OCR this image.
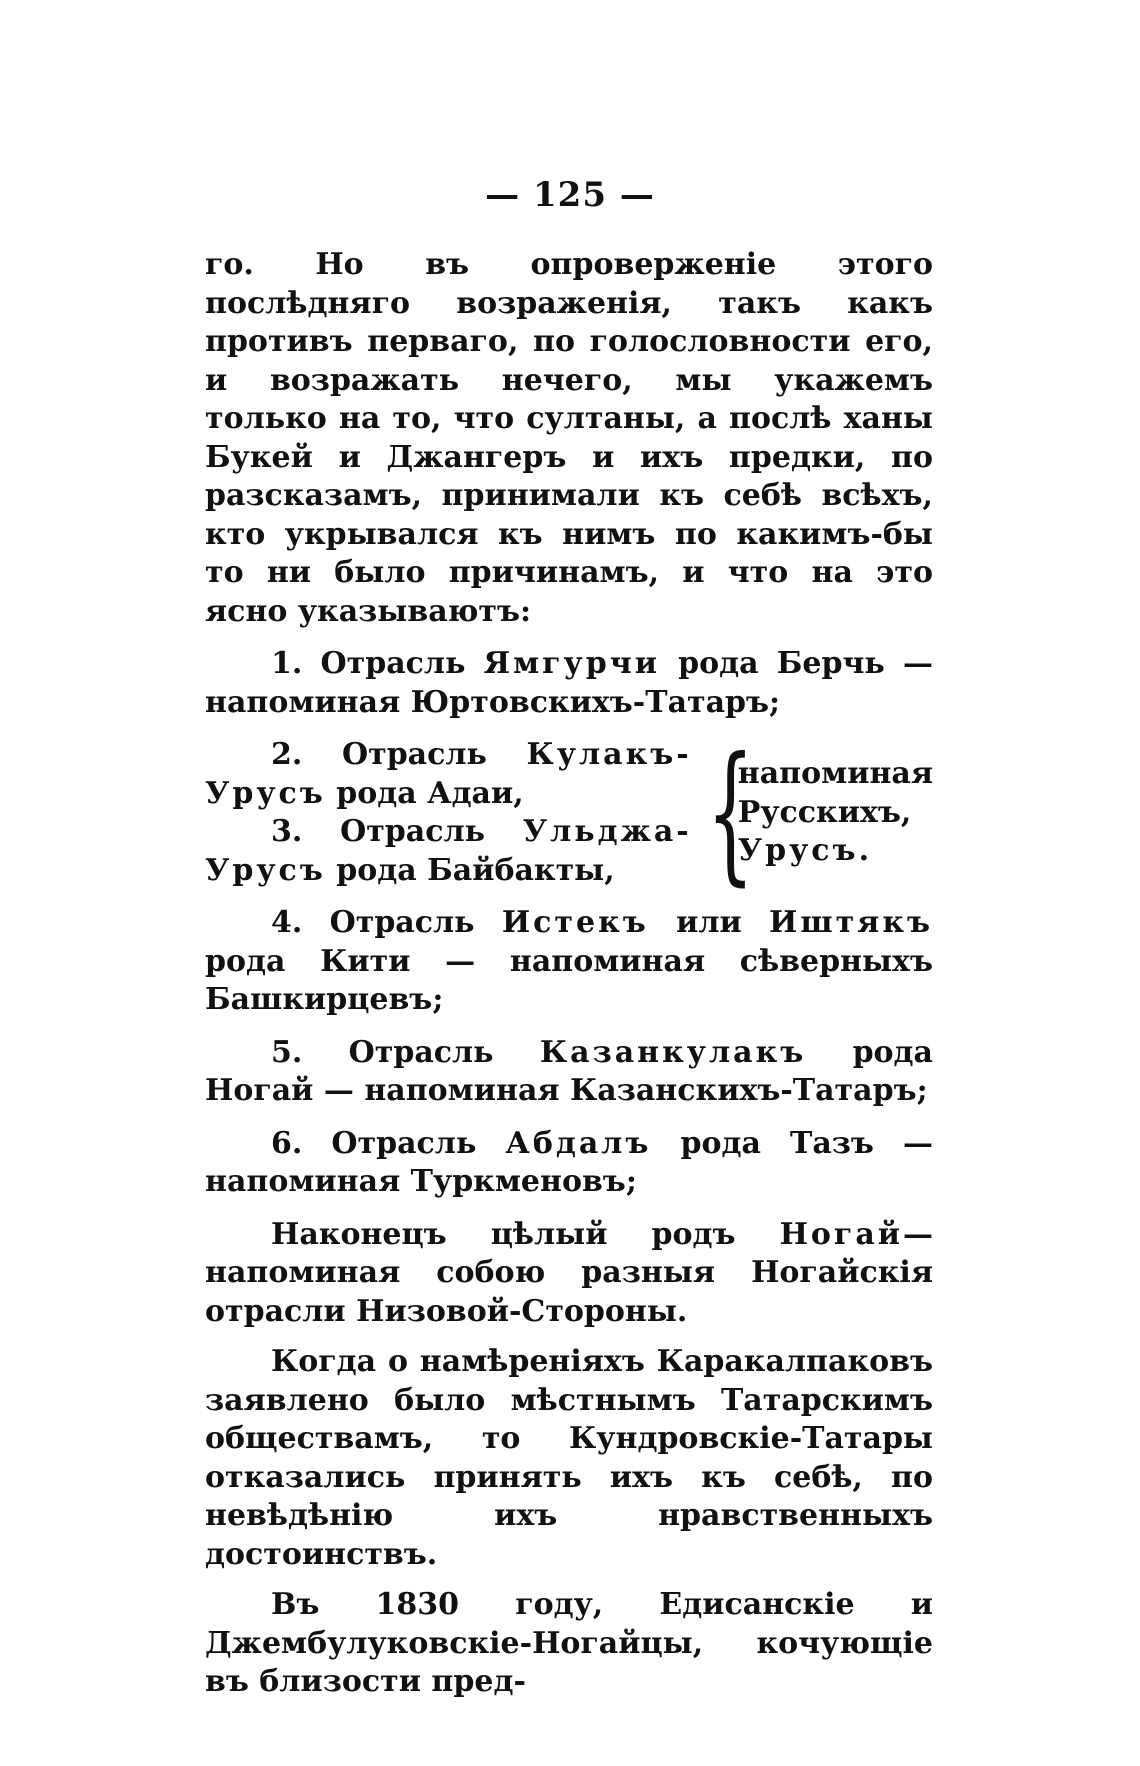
— 125 —

го. Но въ опроверженіе этого послѣдняго возраженія, такъ какъ противъ перваго, по голословности его, и возражать нечего, мы укажемъ только на то, что султаны, а послѣ ханы Букей и Джангеръ и ихъ предки, по разсказамъ, принимали къ себѣ всѣхъ, кто укрывался къ нимъ по какимъ-бы то ни было причинамъ, и что на это ясно указываютъ:

1. Отрасль Ямгурчи рода Берчь — напоминая Юртовскихъ-Татаръ;

2. Отрасль Кулакъ-Урусъ рода Адаи,

3. Отрасль Ульджа-Урусъ рода Байбакты, {
напоминая
Русскихъ,
Урусъ.

4. Отрасль Истекъ или Иштякъ рода Кити — напоминая сѣверныхъ Башкирцевъ;

5. Отрасль Казанкулакъ рода Ногай — напоминая Казанскихъ-Татаръ;

6. Отрасль Абдалъ рода Тазъ — напоминая Туркменовъ;

Наконецъ цѣлый родъ Ногай—напоминая собою разныя Ногайскія отрасли Низовой-Стороны.

Когда о намѣреніяхъ Каракалпаковъ заявлено было мѣстнымъ Татарскимъ обществамъ, то Кундровскіе-Татары отказались принять ихъ къ себѣ, по невѣдѣнію ихъ нравственныхъ достоинствъ.

Въ 1830 году, Едисанскіе и Джембулуковскіе-Ногайцы, кочующіе въ близости пред-
